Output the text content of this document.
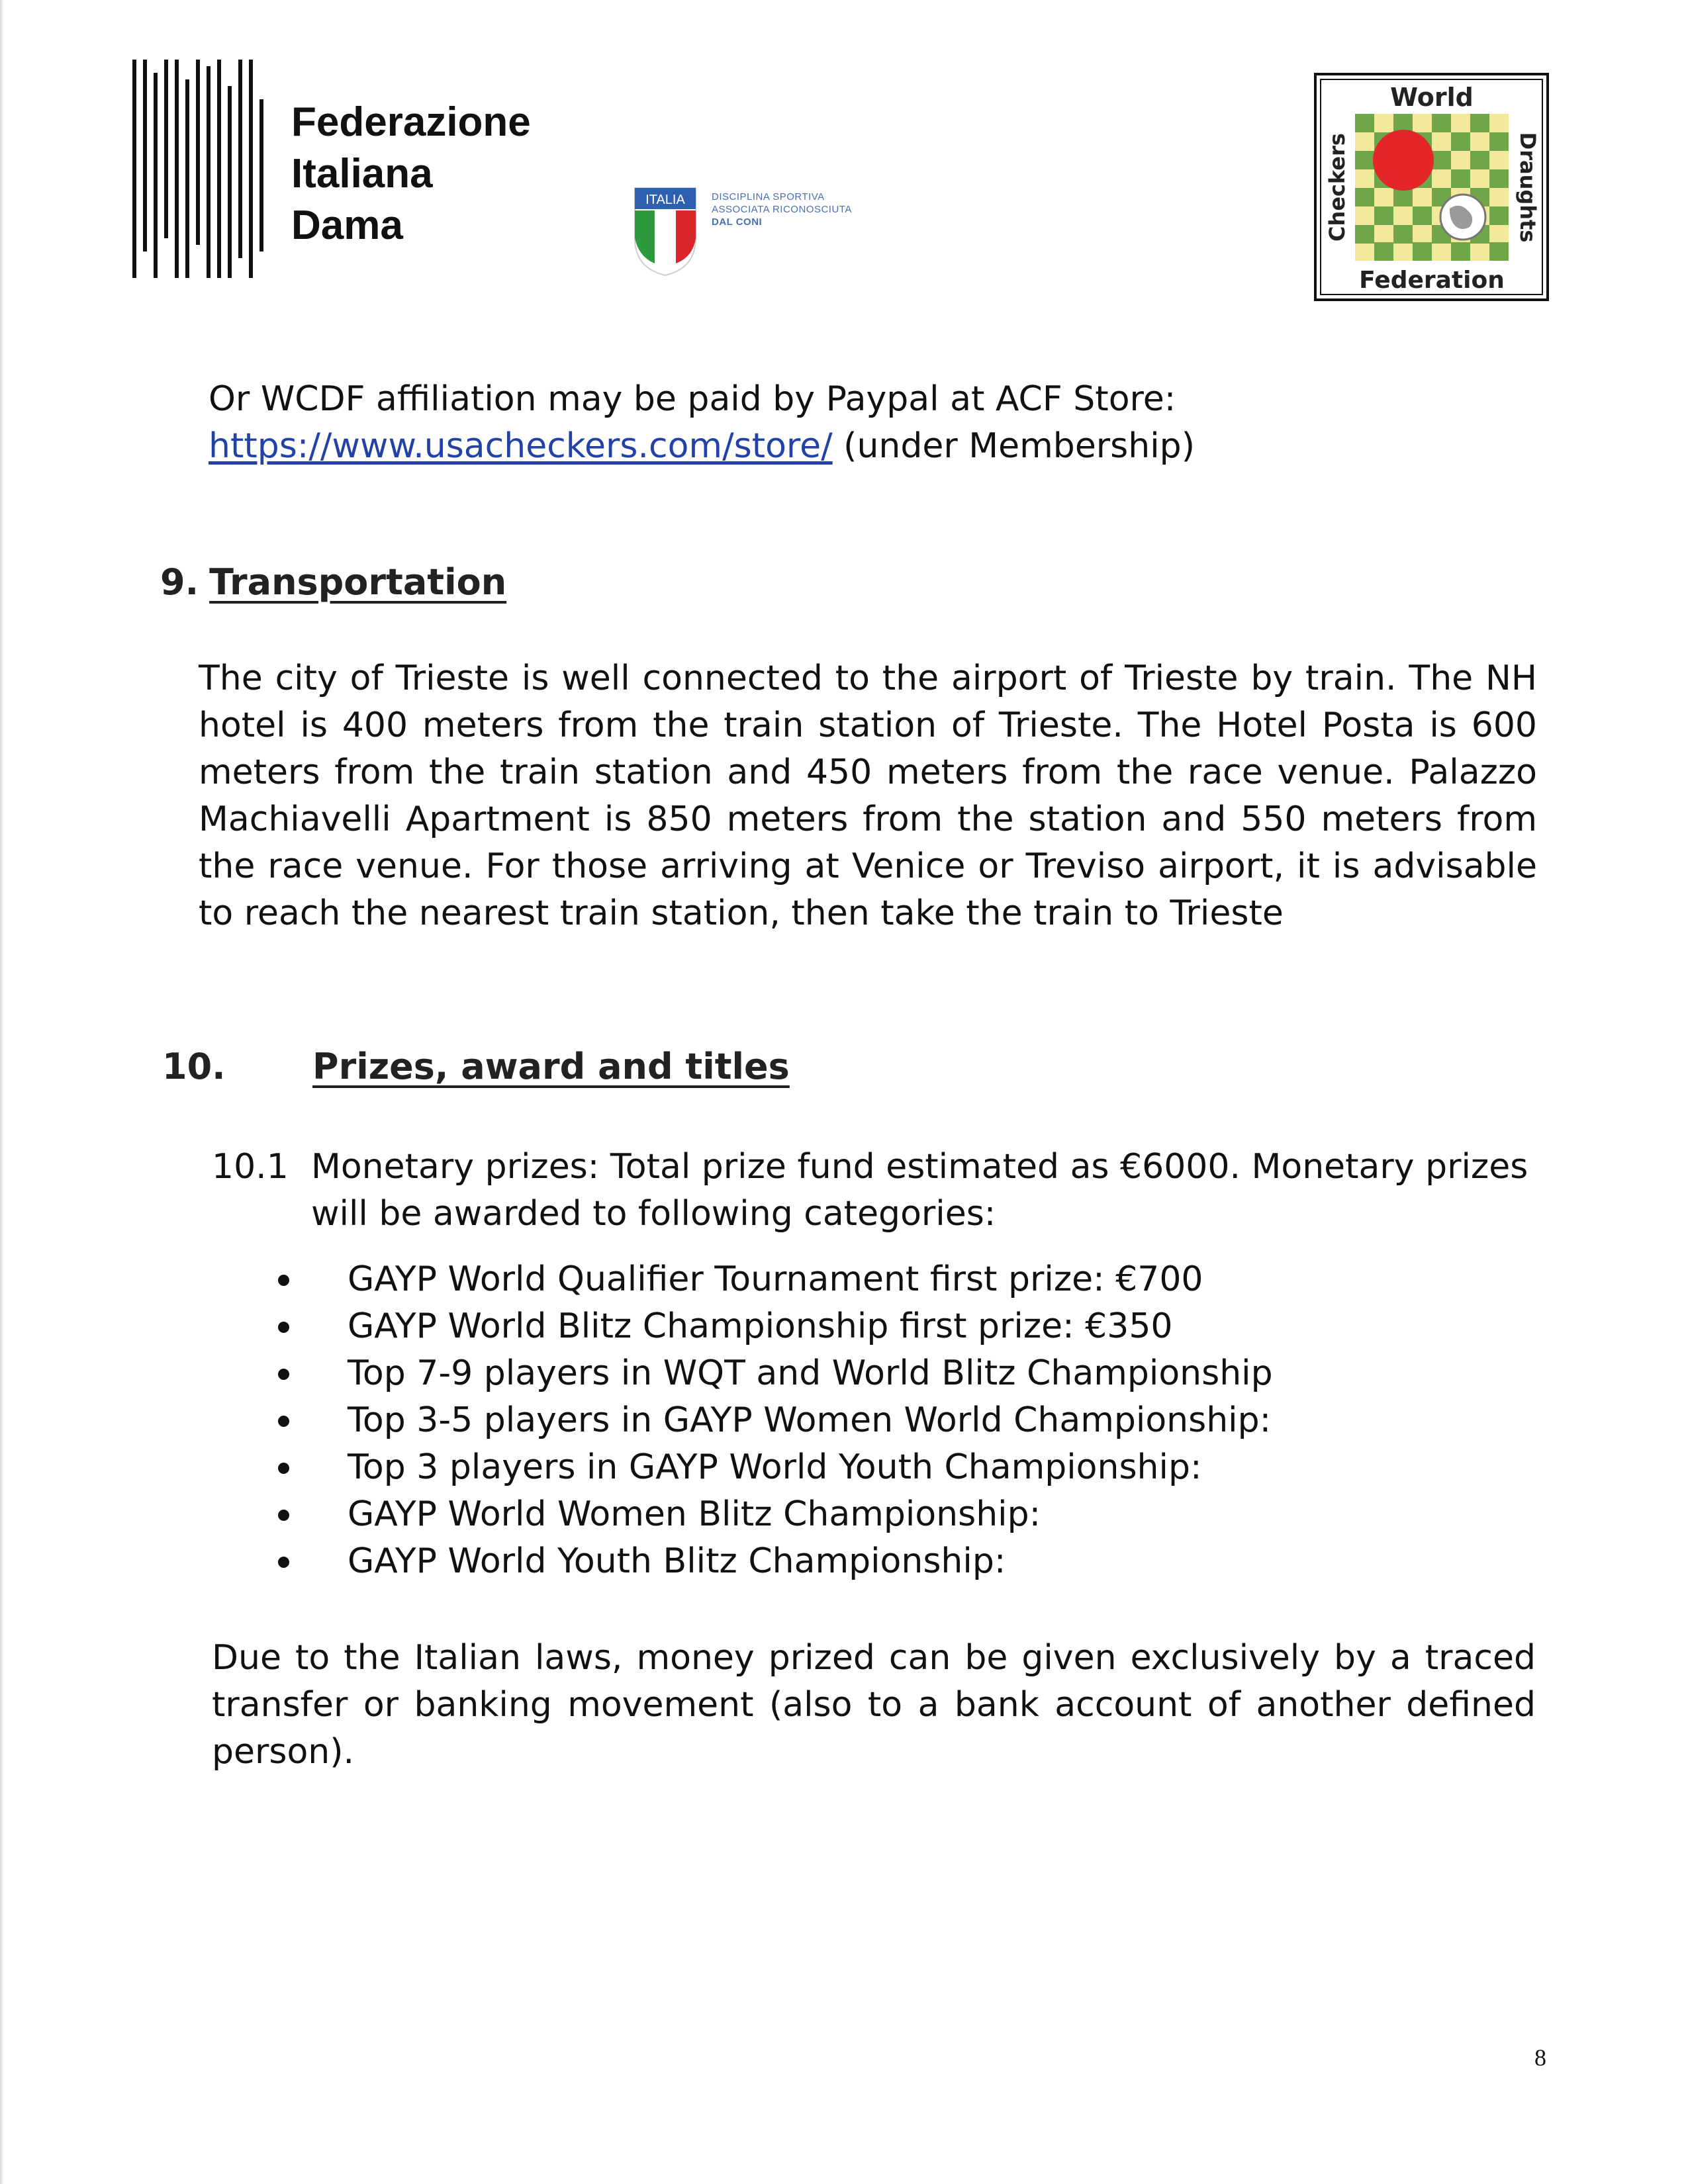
Federazione
Italiana
Dama
ITALIA	DISCIPLINA SPORTIVA
ASSOCIATA RICONOSCIUTA
DAL CONI
World
Federation
Checkers	Draughts
Or WCDF affiliation may be paid by Paypal at ACF Store:
https://www.usacheckers.com/store/ (under Membership)
9. Transportation
The city of Trieste is well connected to the airport of Trieste by train. The NH hotel is 400 meters from the train station of Trieste. The Hotel Posta is 600 meters from the train station and 450 meters from the race venue. Palazzo Machiavelli Apartment is 850 meters from the station and 550 meters from the race venue. For those arriving at Venice or Treviso airport, it is advisable to reach the nearest train station, then take the train to Trieste
10. Prizes, award and titles
10.1 Monetary prizes: Total prize fund estimated as €6000. Monetary prizes will be awarded to following categories:
GAYP World Qualifier Tournament first prize: €700
GAYP World Blitz Championship first prize: €350
Top 7-9 players in WQT and World Blitz Championship
Top 3-5 players in GAYP Women World Championship:
Top 3 players in GAYP World Youth Championship:
GAYP World Women Blitz Championship:
GAYP World Youth Blitz Championship:
Due to the Italian laws, money prized can be given exclusively by a traced transfer or banking movement (also to a bank account of another defined person).
8
